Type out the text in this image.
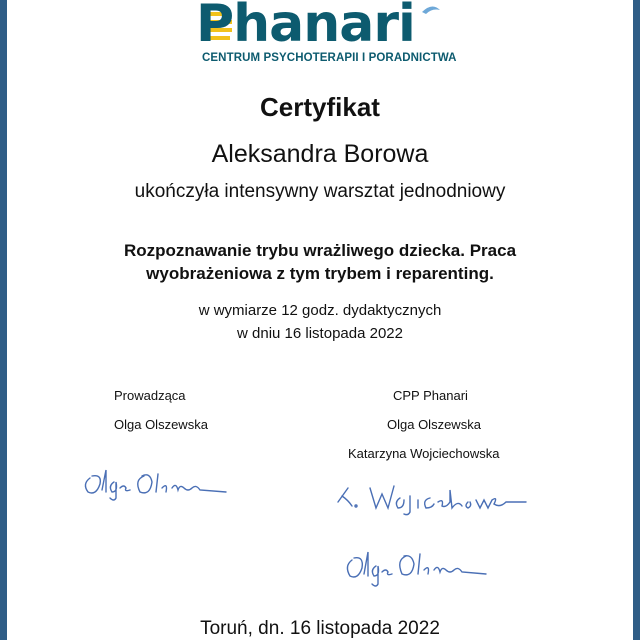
Phanari
CENTRUM PSYCHOTERAPII I PORADNICTWA
Certyfikat
Aleksandra Borowa
ukończyła intensywny warsztat jednodniowy
Rozpoznawanie trybu wrażliwego dziecka. Praca
wyobrażeniowa z tym trybem i reparenting.
w wymiarze 12 godz. dydaktycznych
w dniu 16 listopada 2022
Prowadząca
Olga Olszewska
CPP Phanari
Olga Olszewska
Katarzyna Wojciechowska
Toruń, dn. 16 listopada 2022
